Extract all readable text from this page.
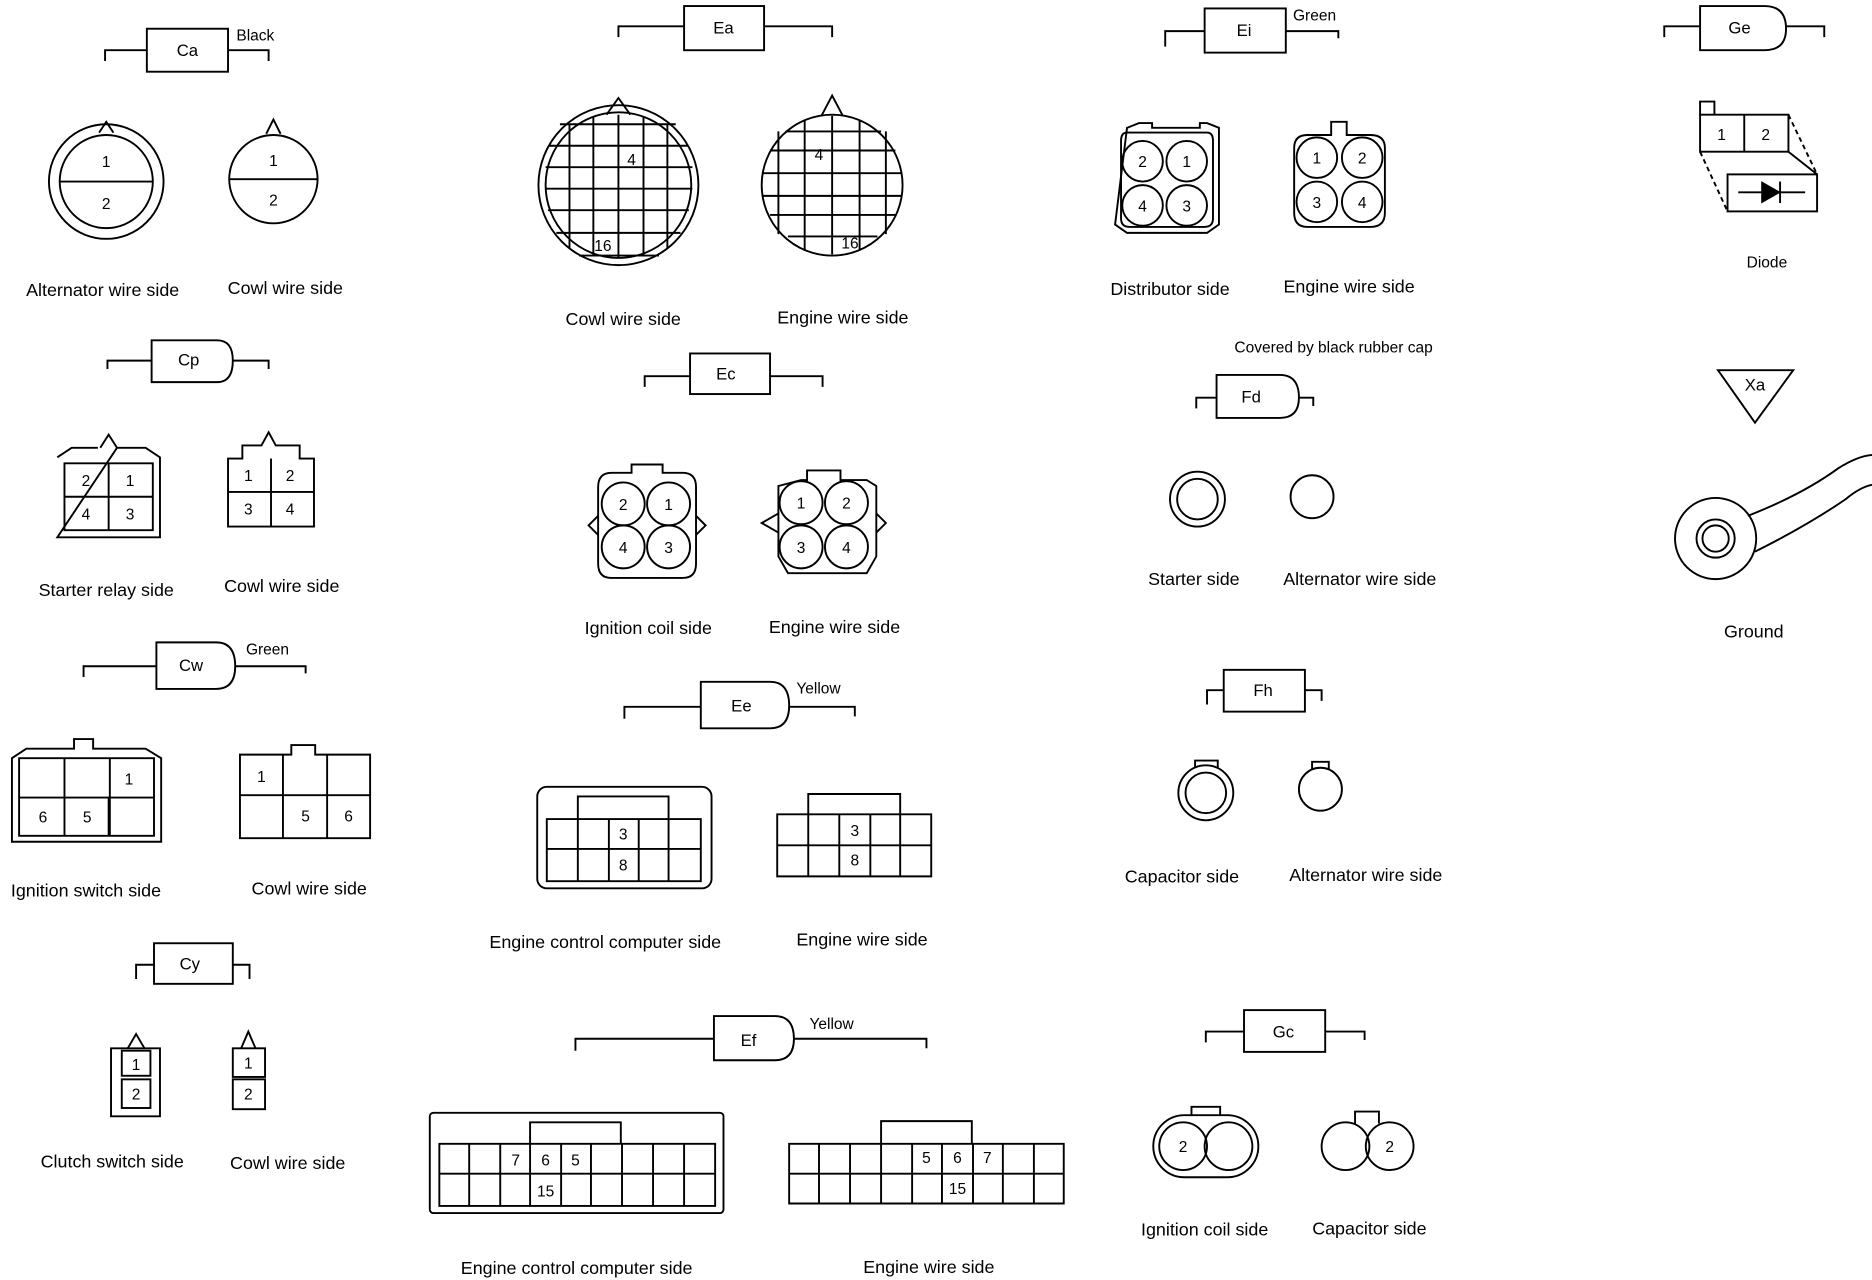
Ca
Black
1
2
1
2
Alternator wire side	Cowl wire side
Cp
2	1
4	3
1	2
3	4
Starter relay side	Cowl wire side
Cw
Green
1
6	5
1
5	6
Ignition switch side	Cowl wire side
Cy
1
2
1
2
Clutch switch side	Cowl wire side
Ea
4
16
4
16
Cowl wire side	Engine wire side
Ec
2	1
4	3
1	2
3	4
Ignition coil side	Engine wire side
Ee
Yellow
3
8
3
8
Engine control computer side	Engine wire side
Ef
Yellow
7 6 5
15
5 6 7
15
Engine control computer side	Engine wire side
Ei
Green
2	1
4	3
1	2
3	4
Distributor side	Engine wire side
Fd
Covered by black rubber cap
Starter side	Alternator wire side
Fh
Capacitor side	Alternator wire side
Gc
2	2
Ignition coil side	Capacitor side
Ge
1	2
Diode
Xa
Ground
